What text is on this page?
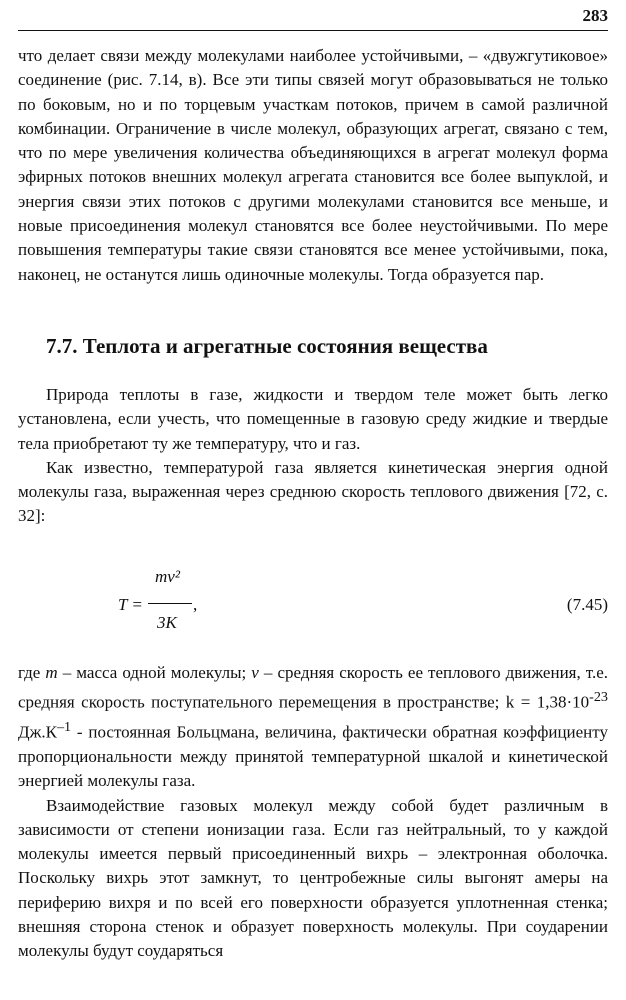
283

что делает связи между молекулами наиболее устойчивыми, – «двужгутиковое» соединение (рис. 7.14, в). Все эти типы связей могут образовываться не только по боковым, но и по торцевым участкам потоков, причем в самой различной комбинации. Ограничение в числе молекул, образующих агрегат, связано с тем, что по мере увеличения количества объединяющихся в агрегат молекул форма эфирных потоков внешних молекул агрегата становится все более выпуклой, и энергия связи этих потоков с другими молекулами становится все меньше, и новые присоединения молекул становятся все более неустойчивыми. По мере повышения температуры такие связи становятся все менее устойчивыми, пока, наконец, не останутся лишь одиночные молекулы. Тогда образуется пар.

7.7. Теплота и агрегатные состояния вещества

Природа теплоты в газе, жидкости и твердом теле может быть легко установлена, если учесть, что помещенные в газовую среду жидкие и твердые тела приобретают ту же температуру, что и газ.

Как известно, температурой газа является кинетическая энергия одной молекулы газа, выраженная через среднюю скорость теплового движения [72, с. 32]:

T =
mv²
,
3K
(7.45)

где m – масса одной молекулы; v – средняя скорость ее теплового движения, т.е. средняя скорость поступательного перемещения в пространстве; $k = 1,38\cdot 10^{-23}$ $Дж.К^{-1}$ - постоянная Больцмана, величина, фактически обратная коэффициенту пропорциональности между принятой температурной шкалой и кинетической энергией молекулы газа.

Взаимодействие газовых молекул между собой будет различным в зависимости от степени ионизации газа. Если газ нейтральный, то у каждой молекулы имеется первый присоединенный вихрь – электронная оболочка. Поскольку вихрь этот замкнут, то центробежные силы выгонят амеры на периферию вихря и по всей его поверхности образуется уплотненная стенка; внешняя сторона стенок и образует поверхность молекулы. При соударении молекулы будут соударяться
